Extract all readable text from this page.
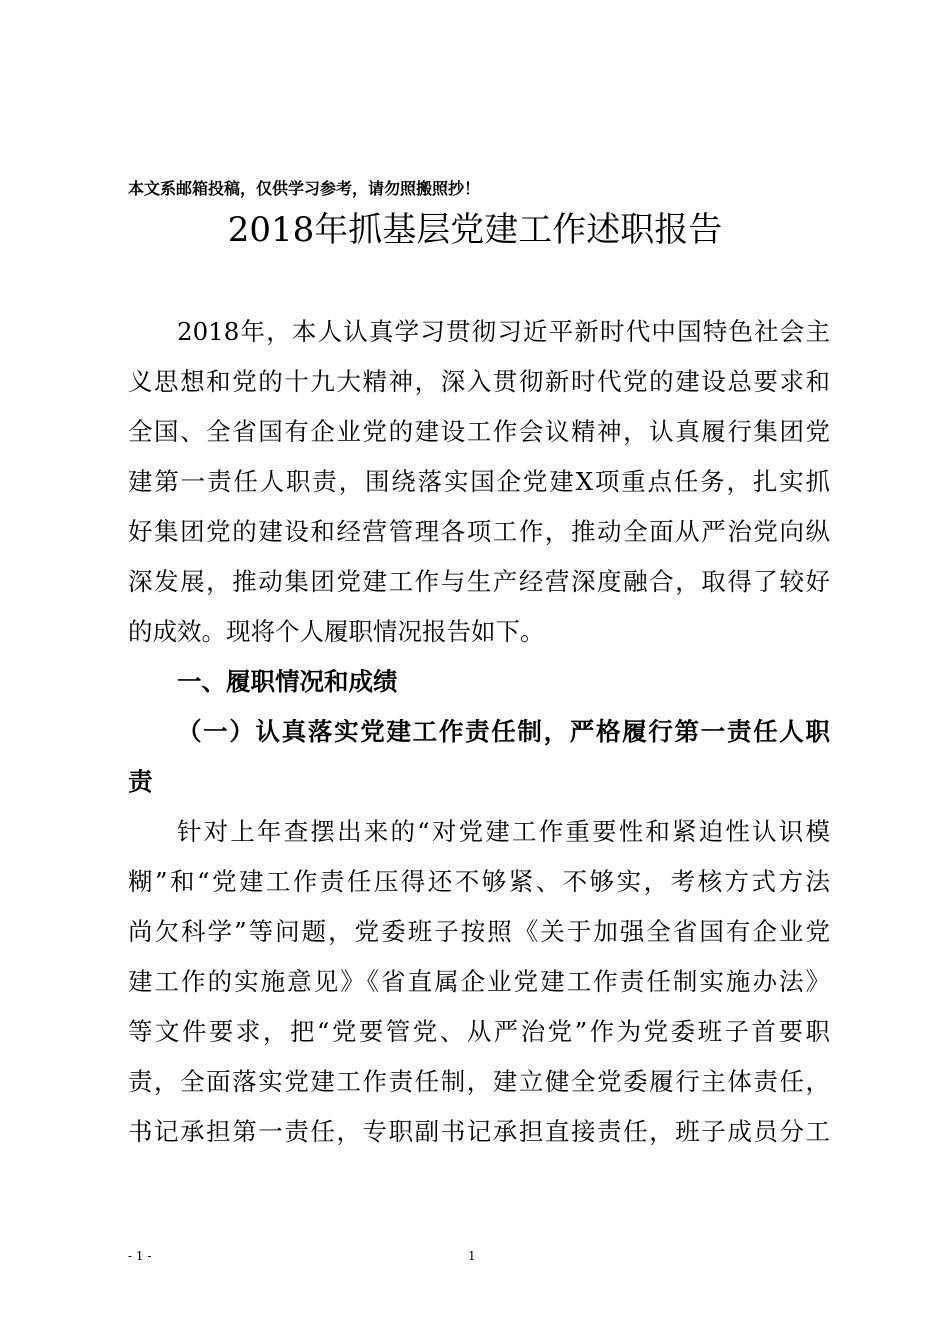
本文系邮箱投稿，仅供学习参考，请勿照搬照抄！
2018年抓基层党建工作述职报告
2018年，本人认真学习贯彻习近平新时代中国特色社会主
义思想和党的十九大精神，深入贯彻新时代党的建设总要求和
全国、全省国有企业党的建设工作会议精神，认真履行集团党
建第一责任人职责，围绕落实国企党建X项重点任务，扎实抓
好集团党的建设和经营管理各项工作，推动全面从严治党向纵
深发展，推动集团党建工作与生产经营深度融合，取得了较好
的成效。现将个人履职情况报告如下。
一、履职情况和成绩
（一）认真落实党建工作责任制，严格履行第一责任人职
责
针对上年查摆出来的“对党建工作重要性和紧迫性认识模
糊”和“党建工作责任压得还不够紧、不够实，考核方式方法
尚欠科学”等问题，党委班子按照《关于加强全省国有企业党
建工作的实施意见》《省直属企业党建工作责任制实施办法》
等文件要求，把“党要管党、从严治党”作为党委班子首要职
责，全面落实党建工作责任制，建立健全党委履行主体责任，
书记承担第一责任，专职副书记承担直接责任，班子成员分工
- 1 -	1
